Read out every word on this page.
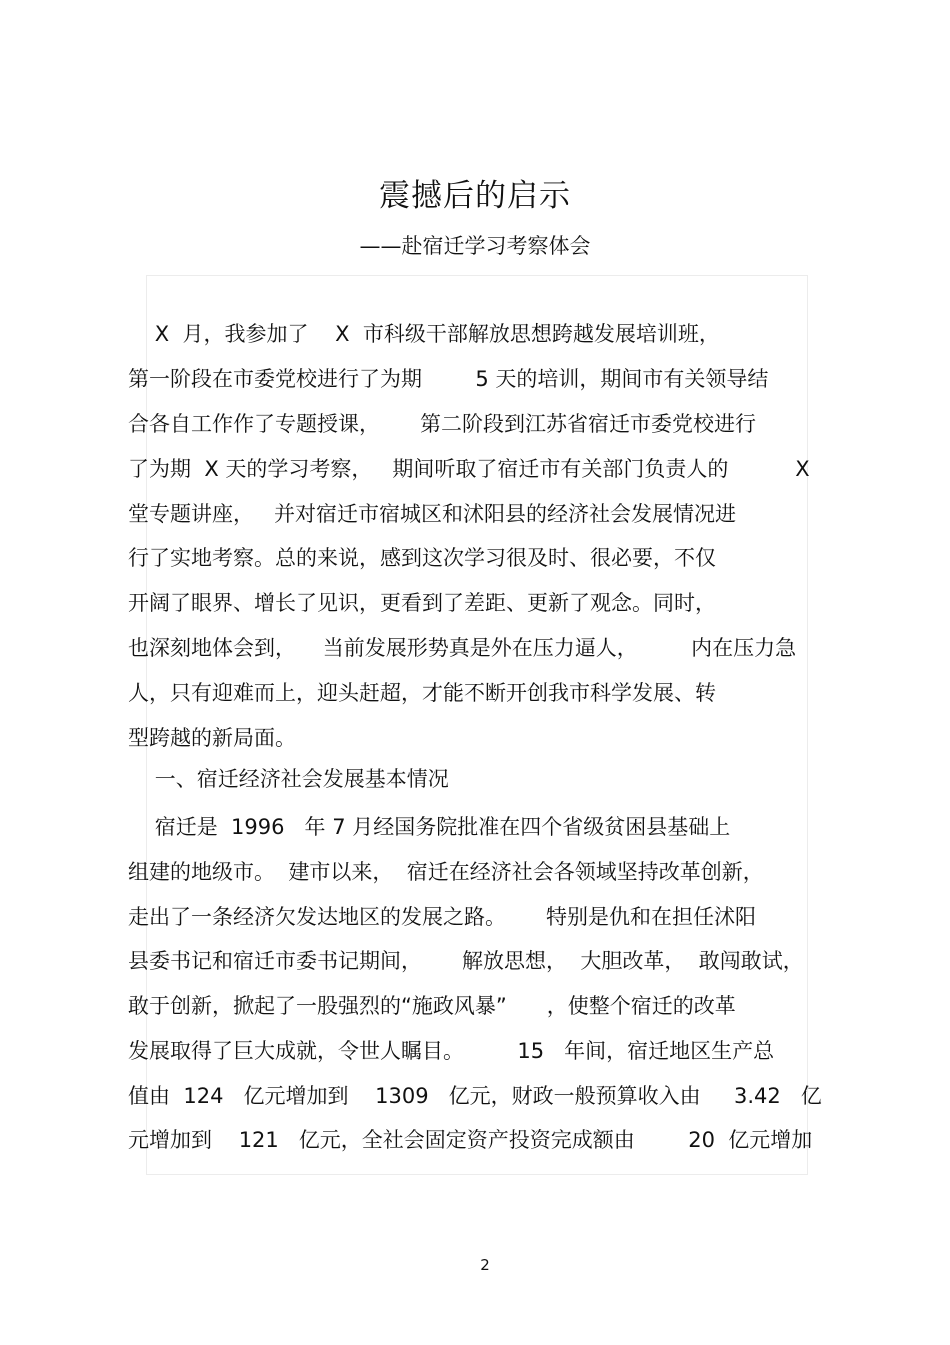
震撼后的启示
——赴宿迁学习考察体会
X  月，我参加了    X  市科级干部解放思想跨越发展培训班，
第一阶段在市委党校进行了为期        5 天的培训，期间市有关领导结
合各自工作作了专题授课，      第二阶段到江苏省宿迁市委党校进行
了为期  X 天的学习考察，   期间听取了宿迁市有关部门负责人的          X
堂专题讲座，   并对宿迁市宿城区和沭阳县的经济社会发展情况进
行了实地考察。总的来说，感到这次学习很及时、很必要，不仅
开阔了眼界、增长了见识，更看到了差距、更新了观念。同时，
也深刻地体会到，    当前发展形势真是外在压力逼人，        内在压力急
人，只有迎难而上，迎头赶超，才能不断开创我市科学发展、转
型跨越的新局面。
一、宿迁经济社会发展基本情况
宿迁是  1996   年 7 月经国务院批准在四个省级贫困县基础上
组建的地级市。  建市以来，  宿迁在经济社会各领域坚持改革创新，
走出了一条经济欠发达地区的发展之路。      特别是仇和在担任沭阳
县委书记和宿迁市委书记期间，      解放思想，  大胆改革，  敢闯敢试，
敢于创新，掀起了一股强烈的“施政风暴”      ，使整个宿迁的改革
发展取得了巨大成就，令世人瞩目。        15   年间，宿迁地区生产总
值由  124   亿元增加到    1309   亿元，财政一般预算收入由     3.42   亿
元增加到    121   亿元，全社会固定资产投资完成额由        20  亿元增加
2
